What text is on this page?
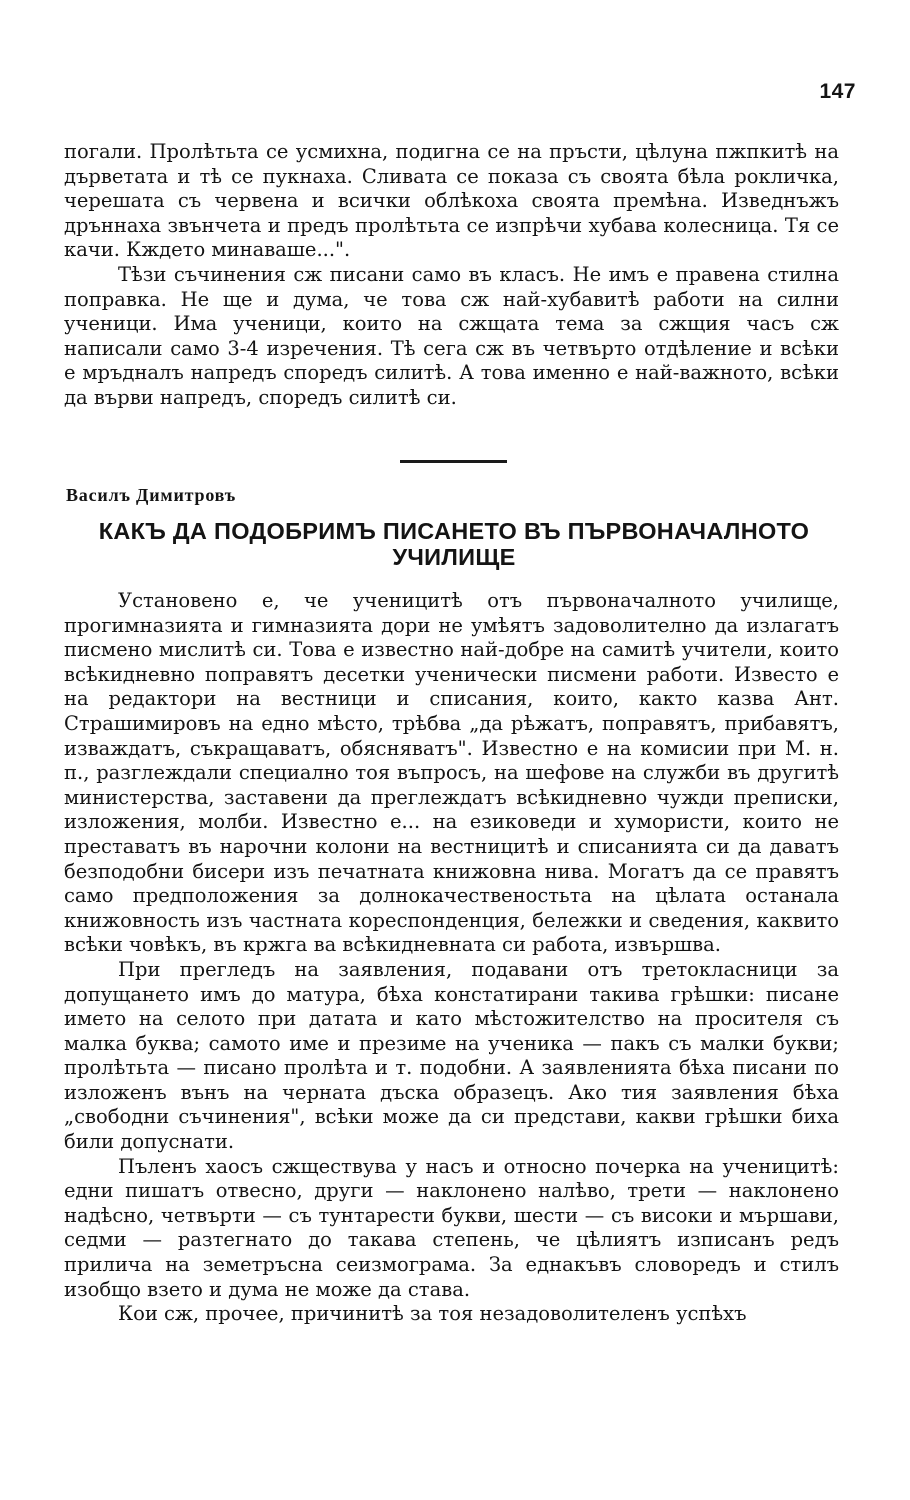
147

погали. Пролѣтьта се усмихна, подигна се на пръсти, цѣлуна пжпкитѣ на дърветата и тѣ се пукнаха. Сливата се показа съ своята бѣла рокличка, черешата съ червена и всички облѣкоха своята премѣна. Изведнъжъ дръннаха звънчета и предъ пролѣтьта се изпрѣчи хубава колесница. Тя се качи. Кждето минаваше...".

Тѣзи съчинения сж писани само въ класъ. Не имъ е правена стилна поправка. Не ще и дума, че това сж най-хубавитѣ работи на силни ученици. Има ученици, които на сжщата тема за сжщия часъ сж написали само 3-4 изречения. Тѣ сега сж въ четвърто отдѣление и всѣки е мръдналъ напредъ споредъ силитѣ. А това именно е най-важното, всѣки да върви напредъ, споредъ силитѣ си.

Василъ Димитровъ
КАКЪ ДА ПОДОБРИМЪ ПИСАНЕТО ВЪ ПЪРВОНАЧАЛНОТО УЧИЛИЩЕ

Установено е, че ученицитѣ отъ първоначалното училище, прогимназията и гимназията дори не умѣятъ задоволително да излагатъ писмено мислитѣ си. Това е известно най-добре на самитѣ учители, които всѣкидневно поправятъ десетки ученически писмени работи. Известо е на редактори на вестници и списания, които, както казва Ант. Страшимировъ на едно мѣсто, трѣбва „да рѣжатъ, поправятъ, прибавятъ, изваждатъ, съкращаватъ, обясняватъ". Известно е на комисии при М. н. п., разглеждали специално тоя въпросъ, на шефове на служби въ другитѣ министерства, заставени да преглеждатъ всѣкидневно чужди преписки, изложения, молби. Известно е... на езиковеди и хумористи, които не преставатъ въ нарочни колони на вестницитѣ и списанията си да даватъ безподобни бисери изъ печатната книжовна нива. Могатъ да се правятъ само предположения за долнокачественостьта на цѣлата останала книжовность изъ частната кореспонденция, бележки и сведения, каквито всѣки човѣкъ, въ кржга ва всѣкидневната си работа, извършва.

При прегледъ на заявления, подавани отъ третокласници за допущането имъ до матура, бѣха констатирани такива грѣшки: писане името на селото при датата и като мѣстожителство на просителя съ малка буква; самото име и презиме на ученика — пакъ съ малки букви; пролѣтьта — писано пролѣта и т. подобни. А заявленията бѣха писани по изложенъ вънъ на черната дъска образецъ. Ако тия заявления бѣха „свободни съчинения", всѣки може да си представи, какви грѣшки биха били допуснати.

Пъленъ хаосъ сжществува у насъ и относно почерка на ученицитѣ: едни пишатъ отвесно, други — наклонено налѣво, трети — наклонено надѣсно, четвърти — съ тунтарести букви, шести — съ високи и мършави, седми — разтегнато до такава степень, че цѣлиятъ изписанъ редъ прилича на земетръсна сеизмограма. За еднакъвъ словоредъ и стилъ изобщо взето и дума не може да става.

Кои сж, прочее, причинитѣ за тоя незадоволителенъ успѣхъ
